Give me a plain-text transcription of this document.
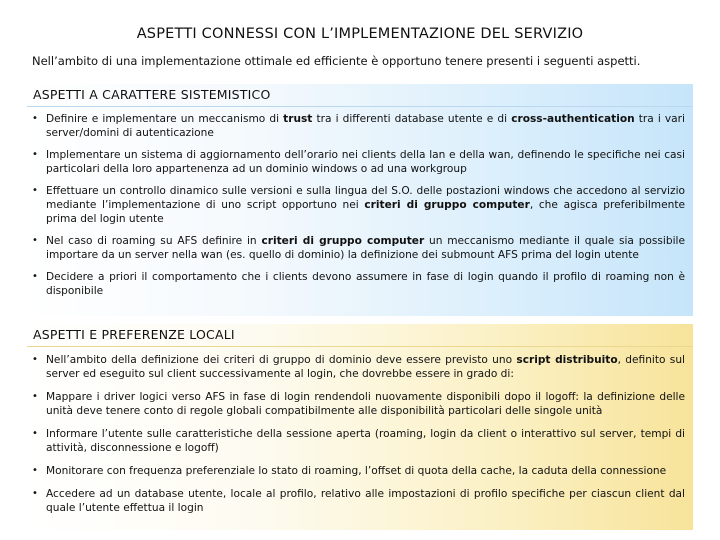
ASPETTI CONNESSI CON L’IMPLEMENTAZIONE DEL SERVIZIO
Nell’ambito di una implementazione ottimale ed efficiente è opportuno tenere presenti i seguenti aspetti.
ASPETTI A CARATTERE SISTEMISTICO
• Definire e implementare un meccanismo di trust tra i differenti database utente e di cross-authentication tra i vari server/domini di autenticazione
• Implementare un sistema di aggiornamento dell’orario nei clients della lan e della wan, definendo le specifiche nei casi particolari della loro appartenenza ad un dominio windows o ad una workgroup
• Effettuare un controllo dinamico sulle versioni e sulla lingua del S.O. delle postazioni windows che accedono al servizio mediante l’implementazione di uno script opportuno nei criteri di gruppo computer, che agisca preferibilmente prima del login utente
• Nel caso di roaming su AFS definire in criteri di gruppo computer un meccanismo mediante il quale sia possibile importare da un server nella wan (es. quello di dominio) la definizione dei submount AFS prima del login utente
• Decidere a priori il comportamento che i clients devono assumere in fase di login quando il profilo di roaming non è disponibile
ASPETTI E PREFERENZE LOCALI
• Nell’ambito della definizione dei criteri di gruppo di dominio deve essere previsto uno script distribuito, definito sul server ed eseguito sul client successivamente al login, che dovrebbe essere in grado di:
• Mappare i driver logici verso AFS in fase di login rendendoli nuovamente disponibili dopo il logoff: la definizione delle unità deve tenere conto di regole globali compatibilmente alle disponibilità particolari delle singole unità
• Informare l’utente sulle caratteristiche della sessione aperta (roaming, login da client o interattivo sul server, tempi di attività, disconnessione e logoff)
• Monitorare con frequenza preferenziale lo stato di roaming, l’offset di quota della cache, la caduta della connessione
• Accedere ad un database utente, locale al profilo, relativo alle impostazioni di profilo specifiche per ciascun client dal quale l’utente effettua il login
